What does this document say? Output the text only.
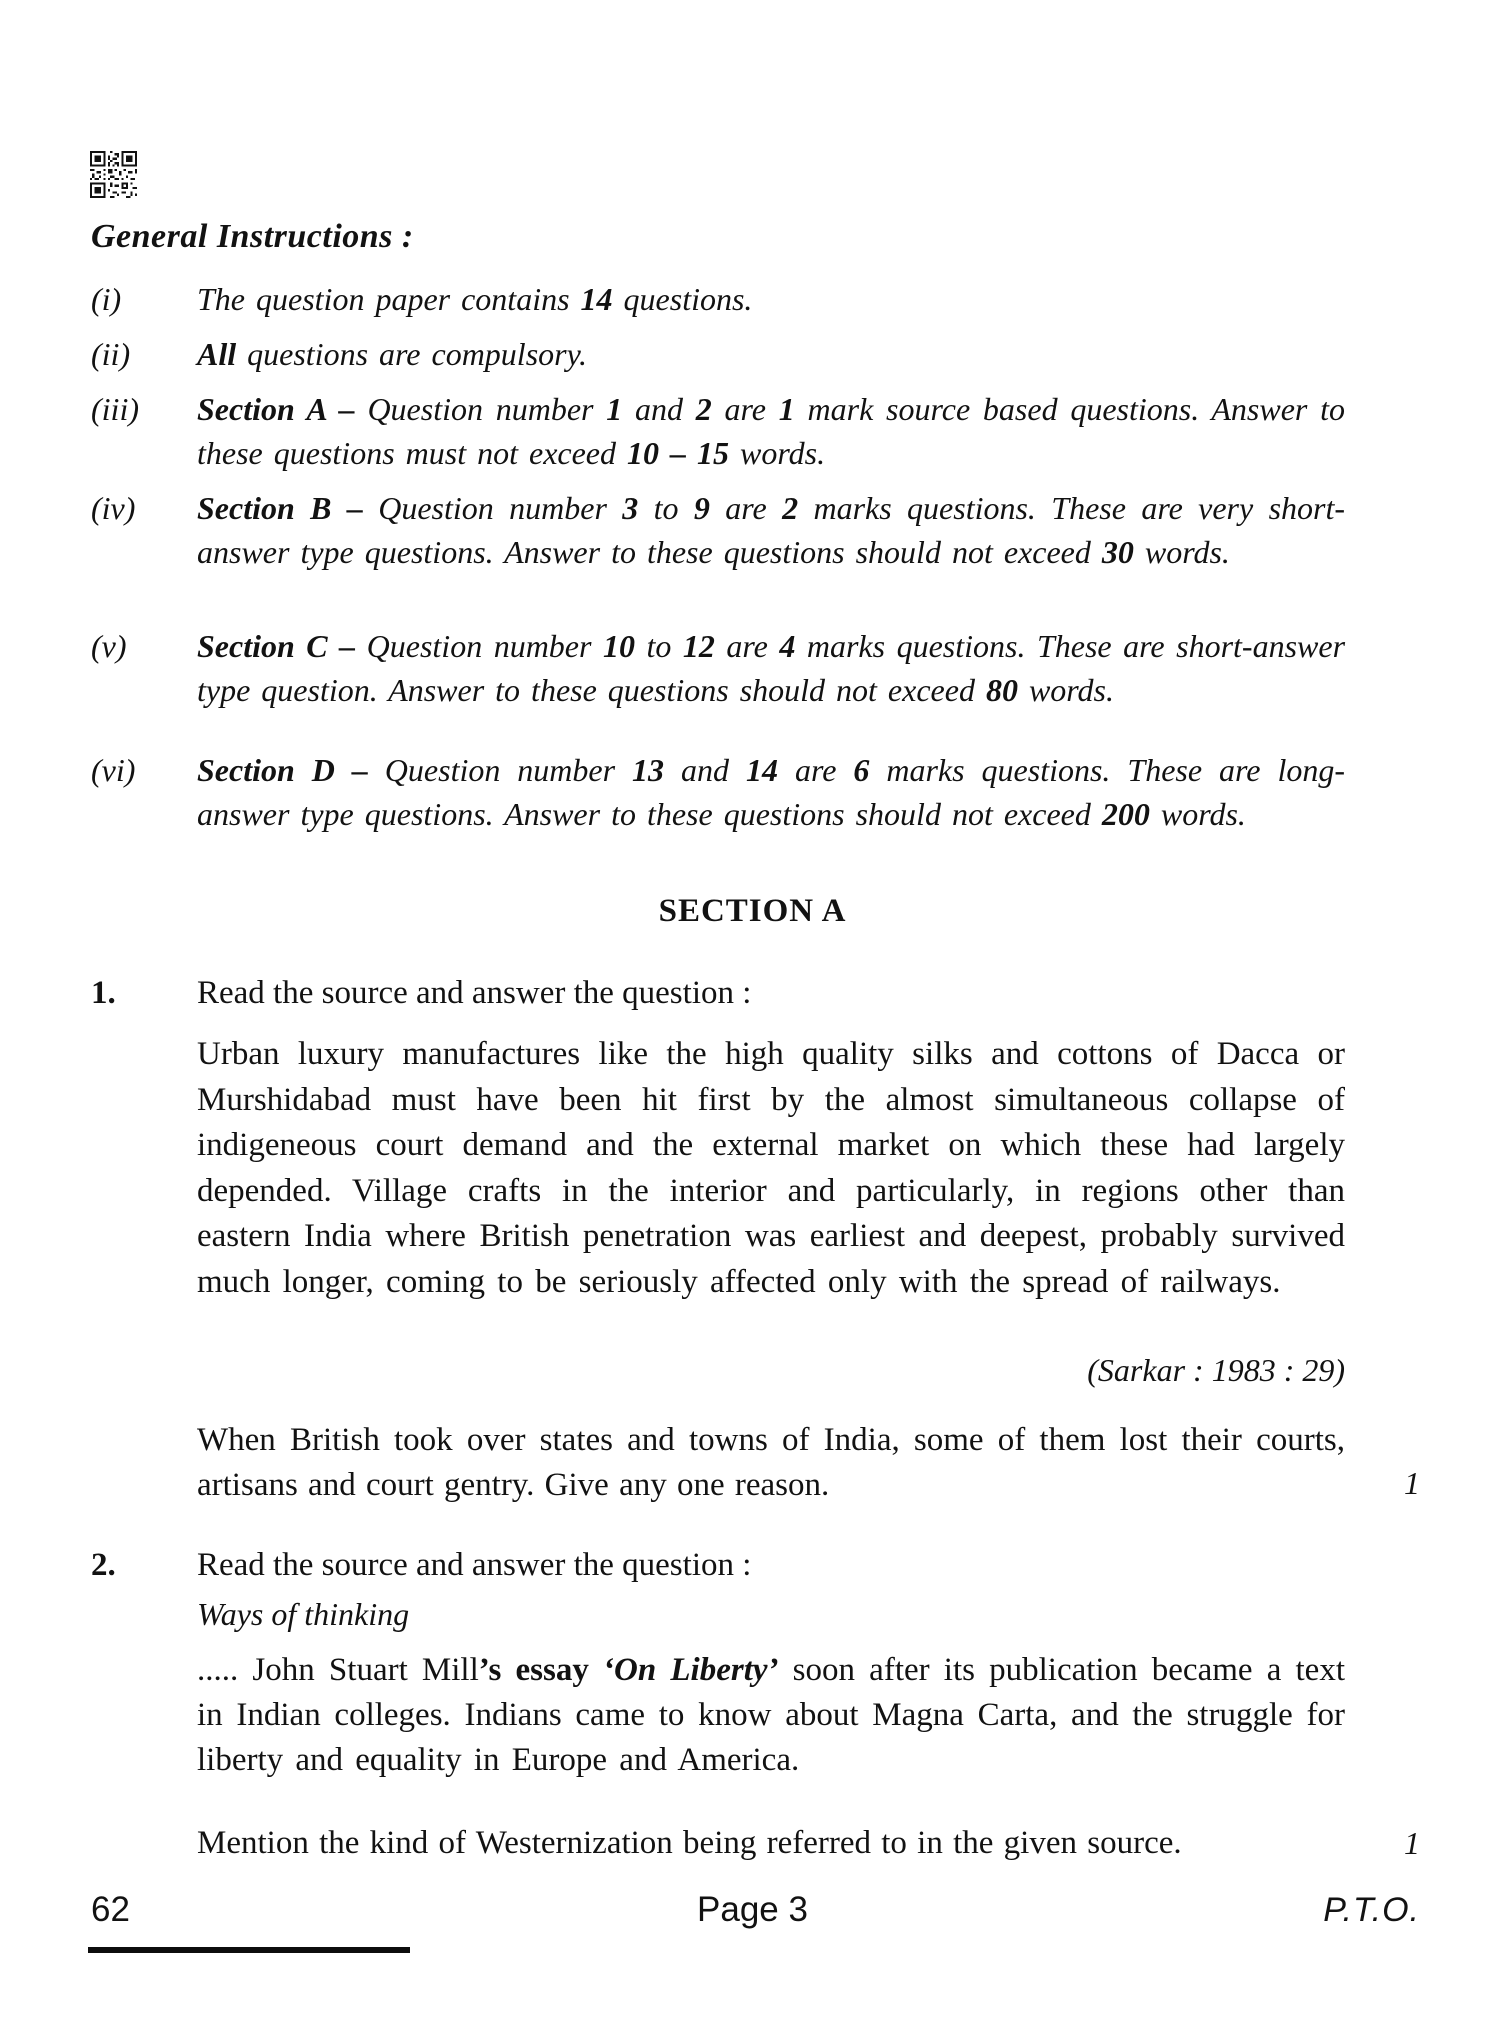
General Instructions :
(i) The question paper contains 14 questions.
(ii) All questions are compulsory.
(iii) Section A – Question number 1 and 2 are 1 mark source based questions. Answer to these questions must not exceed 10 – 15 words.
(iv) Section B – Question number 3 to 9 are 2 marks questions. These are very short-answer type questions. Answer to these questions should not exceed 30 words.
(v) Section C – Question number 10 to 12 are 4 marks questions. These are short-answer type question. Answer to these questions should not exceed 80 words.
(vi) Section D – Question number 13 and 14 are 6 marks questions. These are long-answer type questions. Answer to these questions should not exceed 200 words.
SECTION A
1. Read the source and answer the question :
Urban luxury manufactures like the high quality silks and cottons of Dacca or Murshidabad must have been hit first by the almost simultaneous collapse of indigeneous court demand and the external market on which these had largely depended. Village crafts in the interior and particularly, in regions other than eastern India where British penetration was earliest and deepest, probably survived much longer, coming to be seriously affected only with the spread of railways.
(Sarkar : 1983 : 29)
When British took over states and towns of India, some of them lost their courts, artisans and court gentry. Give any one reason.	1
2. Read the source and answer the question :
Ways of thinking
..... John Stuart Mill’s essay ‘On Liberty’ soon after its publication became a text in Indian colleges. Indians came to know about Magna Carta, and the struggle for liberty and equality in Europe and America.
Mention the kind of Westernization being referred to in the given source.	1
62	Page 3	P.T.O.
